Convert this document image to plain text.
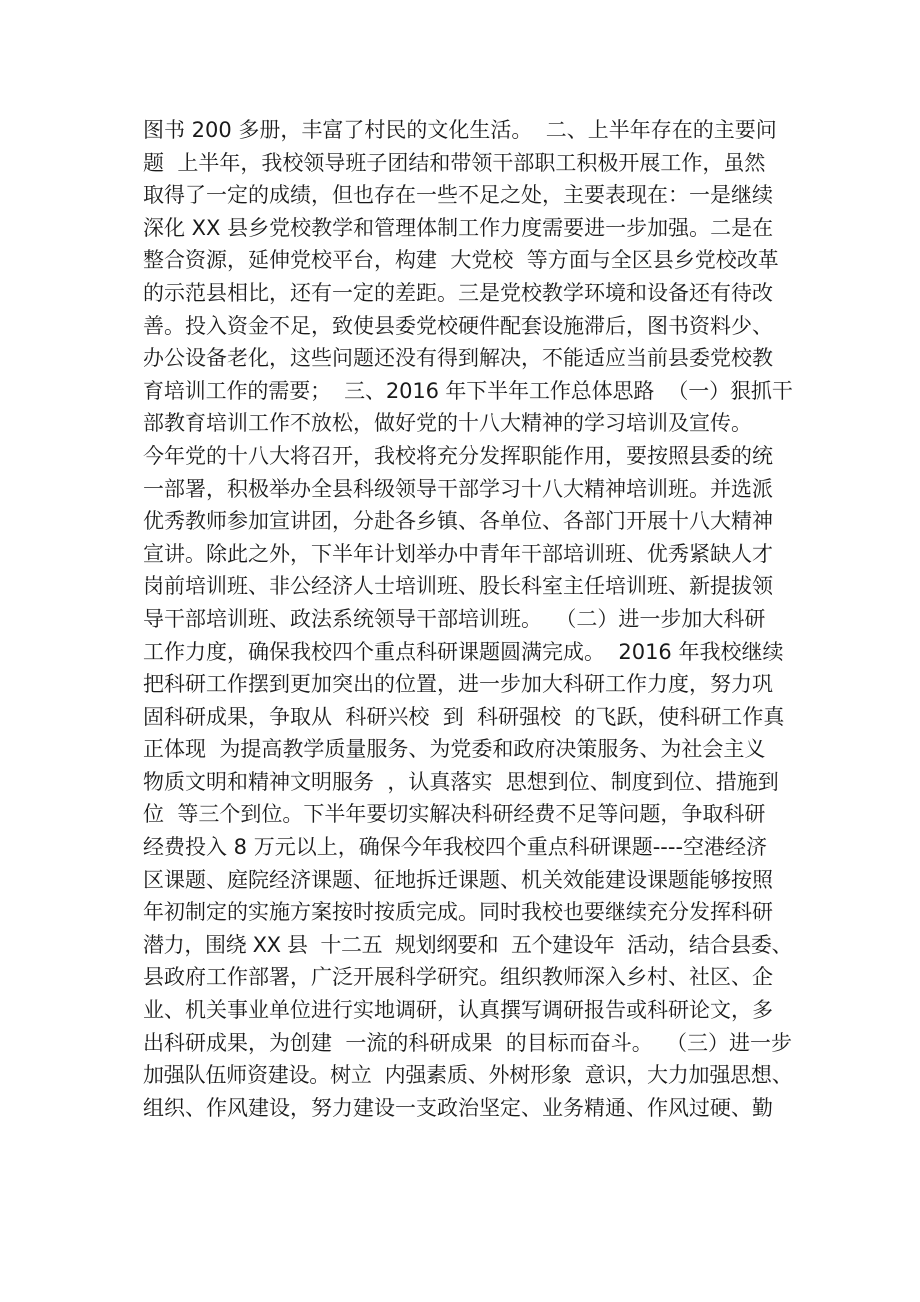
图书 200 多册，丰富了村民的文化生活。  二、上半年存在的主要问
题  上半年，我校领导班子团结和带领干部职工积极开展工作，虽然
取得了一定的成绩，但也存在一些不足之处，主要表现在：一是继续
深化 XX 县乡党校教学和管理体制工作力度需要进一步加强。二是在
整合资源，延伸党校平台，构建  大党校  等方面与全区县乡党校改革
的示范县相比，还有一定的差距。三是党校教学环境和设备还有待改
善。投入资金不足，致使县委党校硬件配套设施滞后，图书资料少、
办公设备老化，这些问题还没有得到解决，不能适应当前县委党校教
育培训工作的需要；  三、2016 年下半年工作总体思路  （一）狠抓干
部教育培训工作不放松，做好党的十八大精神的学习培训及宣传。
今年党的十八大将召开，我校将充分发挥职能作用，要按照县委的统
一部署，积极举办全县科级领导干部学习十八大精神培训班。并选派
优秀教师参加宣讲团，分赴各乡镇、各单位、各部门开展十八大精神
宣讲。除此之外，下半年计划举办中青年干部培训班、优秀紧缺人才
岗前培训班、非公经济人士培训班、股长科室主任培训班、新提拔领
导干部培训班、政法系统领导干部培训班。  （二）进一步加大科研
工作力度，确保我校四个重点科研课题圆满完成。  2016 年我校继续
把科研工作摆到更加突出的位置，进一步加大科研工作力度，努力巩
固科研成果，争取从  科研兴校  到  科研强校  的飞跃，使科研工作真
正体现  为提高教学质量服务、为党委和政府决策服务、为社会主义
物质文明和精神文明服务  ，认真落实  思想到位、制度到位、措施到
位  等三个到位。下半年要切实解决科研经费不足等问题，争取科研
经费投入 8 万元以上，确保今年我校四个重点科研课题----空港经济
区课题、庭院经济课题、征地拆迁课题、机关效能建设课题能够按照
年初制定的实施方案按时按质完成。同时我校也要继续充分发挥科研
潜力，围绕 XX 县  十二五  规划纲要和  五个建设年  活动，结合县委、
县政府工作部署，广泛开展科学研究。组织教师深入乡村、社区、企
业、机关事业单位进行实地调研，认真撰写调研报告或科研论文，多
出科研成果，为创建  一流的科研成果  的目标而奋斗。  （三）进一步
加强队伍师资建设。树立  内强素质、外树形象  意识，大力加强思想、
组织、作风建设，努力建设一支政治坚定、业务精通、作风过硬、勤
